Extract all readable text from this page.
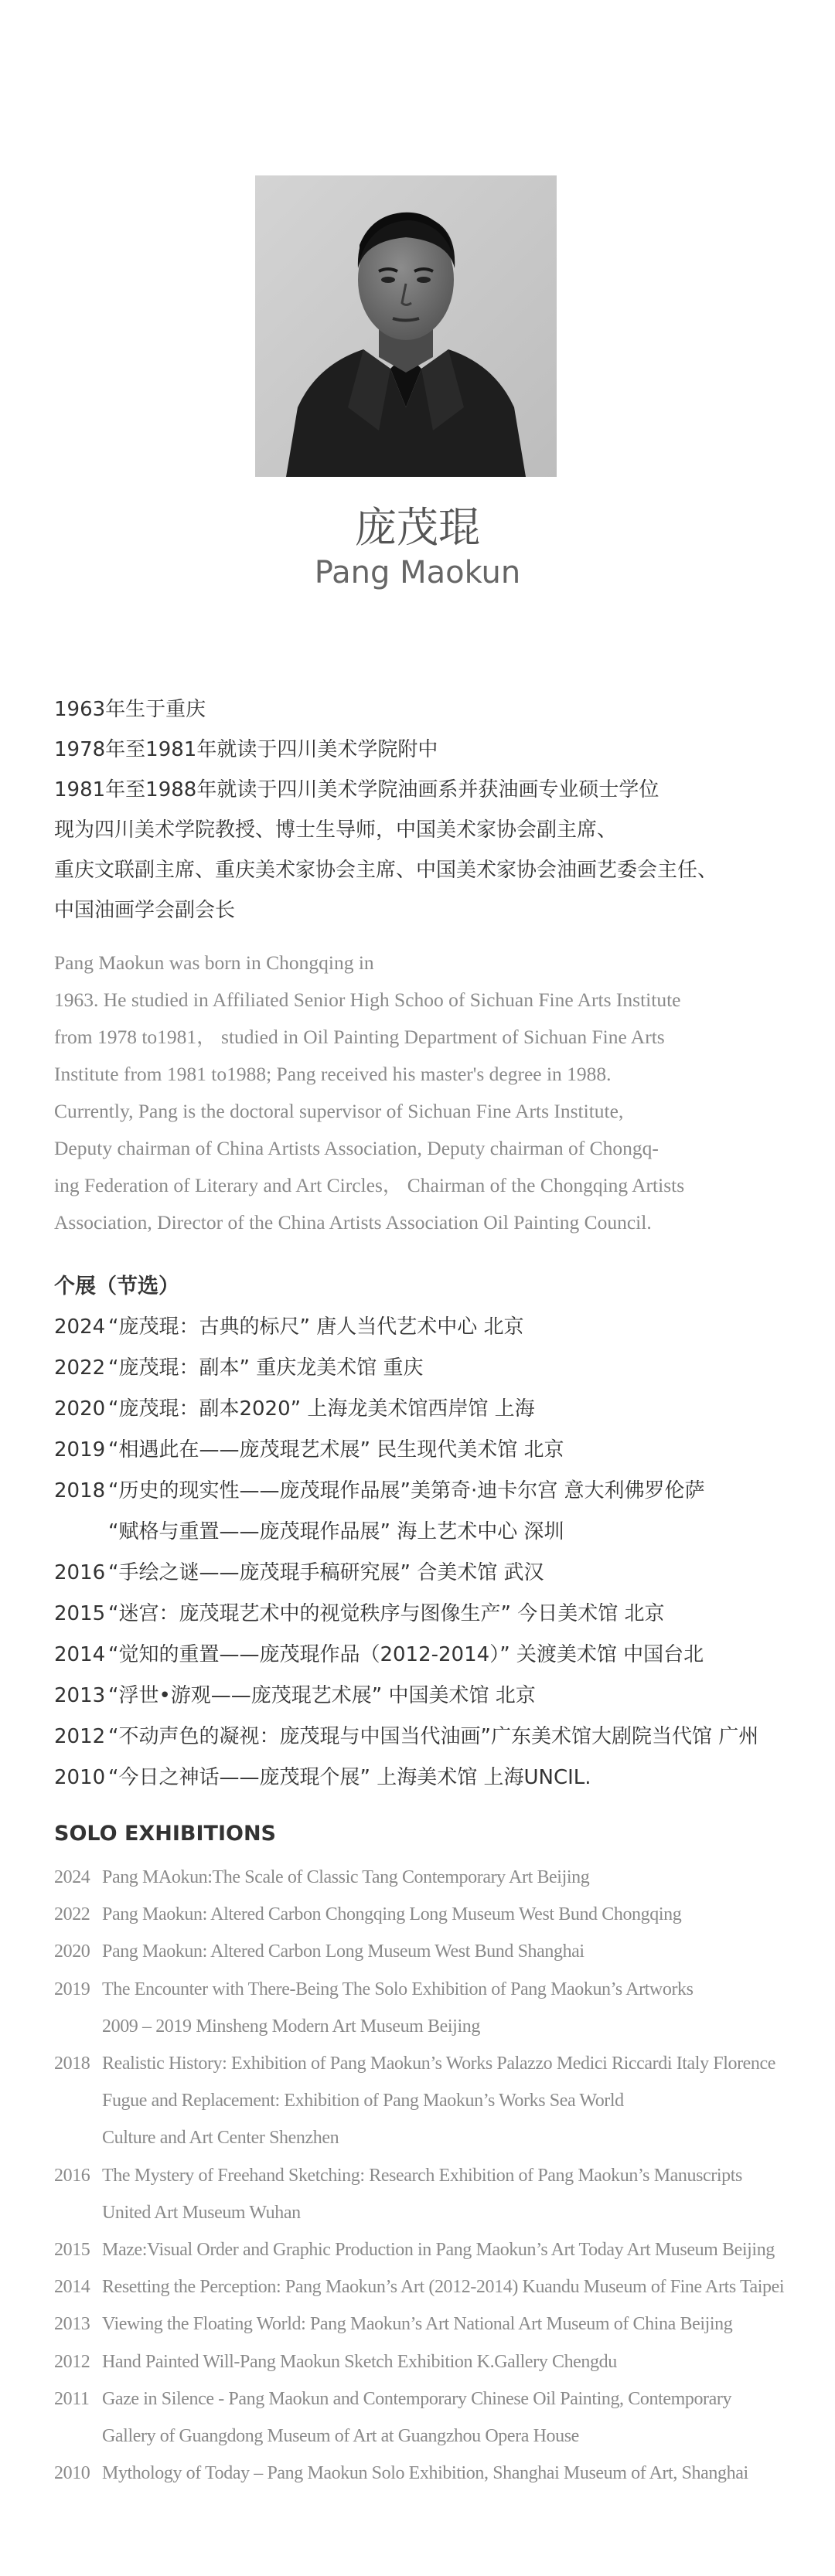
庞茂琨
Pang Maokun
1963年生于重庆
1978年至1981年就读于四川美术学院附中
1981年至1988年就读于四川美术学院油画系并获油画专业硕士学位
现为四川美术学院教授、博士生导师，中国美术家协会副主席、
重庆文联副主席、重庆美术家协会主席、中国美术家协会油画艺委会主任、
中国油画学会副会长
Pang Maokun was born in Chongqing in
1963. He studied in Affiliated Senior High Schoo of Sichuan Fine Arts Institute
from 1978 to1981， studied in Oil Painting Department of Sichuan Fine Arts
Institute from 1981 to1988; Pang received his master's degree in 1988.
Currently, Pang is the doctoral supervisor of Sichuan Fine Arts Institute,
Deputy chairman of China Artists Association, Deputy chairman of Chongq-
ing Federation of Literary and Art Circles， Chairman of the Chongqing Artists
Association, Director of the China Artists Association Oil Painting Council.
个展（节选）
2024 “庞茂琨：古典的标尺” 唐人当代艺术中心 北京
2022 “庞茂琨：副本” 重庆龙美术馆 重庆
2020 “庞茂琨：副本2020” 上海龙美术馆西岸馆 上海
2019 “相遇此在——庞茂琨艺术展” 民生现代美术馆 北京
2018 “历史的现实性——庞茂琨作品展”美第奇·迪卡尔宫 意大利佛罗伦萨
“赋格与重置——庞茂琨作品展” 海上艺术中心 深圳
2016 “手绘之谜——庞茂琨手稿研究展” 合美术馆 武汉
2015 “迷宫：庞茂琨艺术中的视觉秩序与图像生产” 今日美术馆 北京
2014 “觉知的重置——庞茂琨作品（2012-2014）” 关渡美术馆 中国台北
2013 “浮世•游观——庞茂琨艺术展” 中国美术馆 北京
2012 “不动声色的凝视：庞茂琨与中国当代油画”广东美术馆大剧院当代馆 广州
2010 “今日之神话——庞茂琨个展” 上海美术馆 上海UNCIL.
SOLO EXHIBITIONS
2024 Pang MAokun:The Scale of Classic Tang Contemporary Art Beijing
2022 Pang Maokun: Altered Carbon Chongqing Long Museum West Bund Chongqing
2020 Pang Maokun: Altered Carbon Long Museum West Bund Shanghai
2019 The Encounter with There-Being The Solo Exhibition of Pang Maokun’s Artworks
2009 – 2019 Minsheng Modern Art Museum Beijing
2018 Realistic History: Exhibition of Pang Maokun’s Works Palazzo Medici Riccardi Italy Florence
Fugue and Replacement: Exhibition of Pang Maokun’s Works Sea World
Culture and Art Center Shenzhen
2016 The Mystery of Freehand Sketching: Research Exhibition of Pang Maokun’s Manuscripts
United Art Museum Wuhan
2015 Maze:Visual Order and Graphic Production in Pang Maokun’s Art Today Art Museum Beijing
2014 Resetting the Perception: Pang Maokun’s Art (2012-2014) Kuandu Museum of Fine Arts Taipei
2013 Viewing the Floating World: Pang Maokun’s Art National Art Museum of China Beijing
2012 Hand Painted Will-Pang Maokun Sketch Exhibition K.Gallery Chengdu
2011 Gaze in Silence - Pang Maokun and Contemporary Chinese Oil Painting, Contemporary
Gallery of Guangdong Museum of Art at Guangzhou Opera House
2010 Mythology of Today – Pang Maokun Solo Exhibition, Shanghai Museum of Art, Shanghai
